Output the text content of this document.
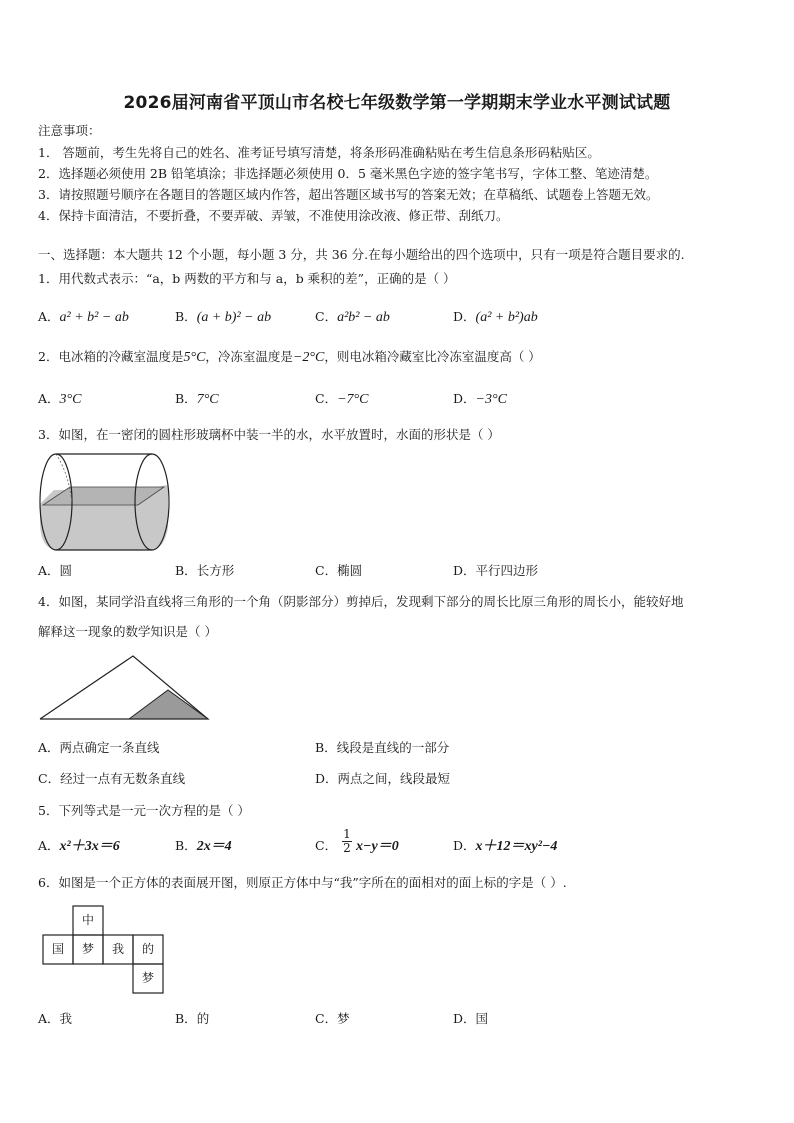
2026届河南省平顶山市名校七年级数学第一学期期末学业水平测试试题
注意事项：
1． 答题前，考生先将自己的姓名、准考证号填写清楚，将条形码准确粘贴在考生信息条形码粘贴区。
2．选择题必须使用 2B 铅笔填涂；非选择题必须使用 0．5 毫米黑色字迹的签字笔书写，字体工整、笔迹清楚。
3．请按照题号顺序在各题目的答题区域内作答，超出答题区域书写的答案无效；在草稿纸、试题卷上答题无效。
4．保持卡面清洁，不要折叠，不要弄破、弄皱，不准使用涂改液、修正带、刮纸刀。
一、选择题：本大题共 12 个小题，每小题 3 分，共 36 分.在每小题给出的四个选项中，只有一项是符合题目要求的.
1．用代数式表示：“a，b 两数的平方和与 a，b 乘积的差”，正确的是（ ）
A．a² + b² − ab	B．(a + b)² − ab	C．a²b² − ab	D．(a² + b²)ab
2．电冰箱的冷藏室温度是5°C，冷冻室温度是−2°C，则电冰箱冷藏室比冷冻室温度高（ ）
A．3°C	B．7°C	C．−7°C	D．−3°C
3．如图，在一密闭的圆柱形玻璃杯中装一半的水，水平放置时，水面的形状是（ ）
A．圆	B．长方形	C．椭圆	D．平行四边形
4．如图，某同学沿直线将三角形的一个角（阴影部分）剪掉后，发现剩下部分的周长比原三角形的周长小，能较好地
解释这一现象的数学知识是（ ）
A．两点确定一条直线	B．线段是直线的一部分
C．经过一点有无数条直线	D．两点之间，线段最短
5．下列等式是一元一次方程的是（ ）
A．x²＋3x＝6	B．2x＝4	C． $\frac{1}{2} x-y=0$	D．x＋12＝xy²−4
6．如图是一个正方体的表面展开图，则原正方体中与“我”字所在的面相对的面上标的字是（ ）.
中
国	梦	我	的
梦
A．我	B．的	C．梦	D．国
